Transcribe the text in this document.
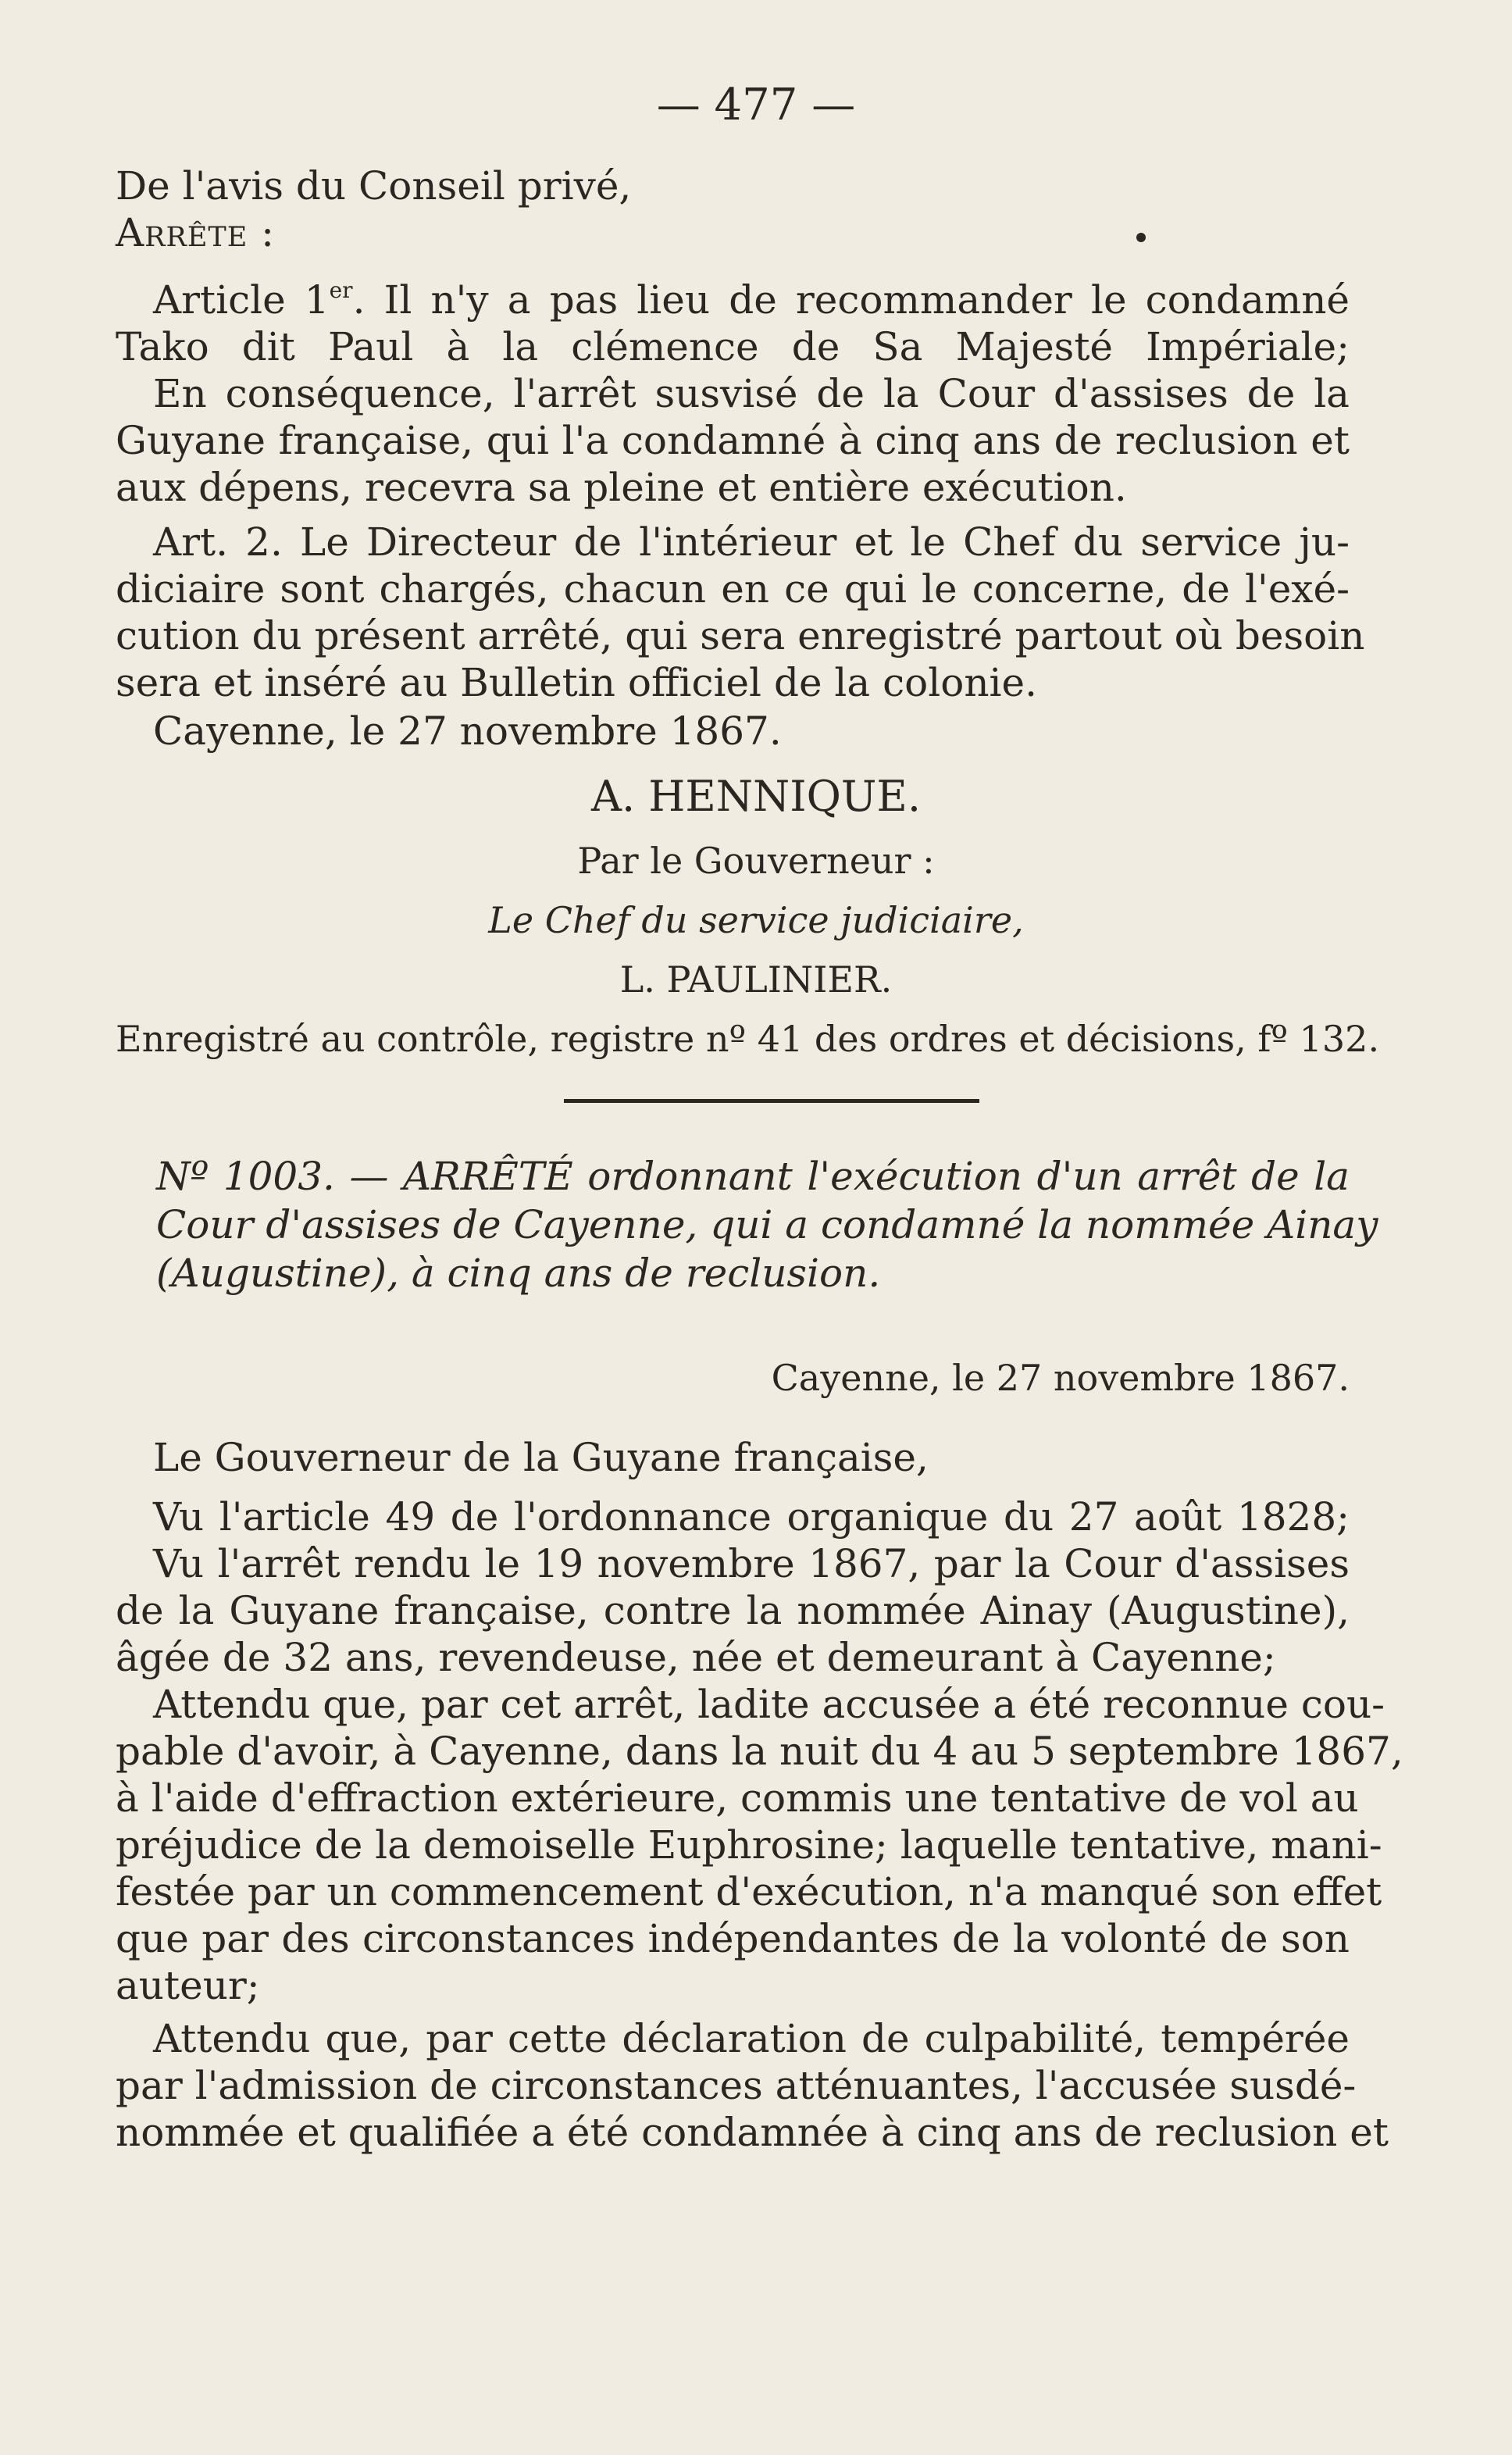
— 477 —
De l'avis du Conseil privé,
Arrête :
Article 1er. Il n'y a pas lieu de recommander le condamné
Tako dit Paul à la clémence de Sa Majesté Impériale;
En conséquence, l'arrêt susvisé de la Cour d'assises de la
Guyane française, qui l'a condamné à cinq ans de reclusion et
aux dépens, recevra sa pleine et entière exécution.
Art. 2. Le Directeur de l'intérieur et le Chef du service ju-
diciaire sont chargés, chacun en ce qui le concerne, de l'exé-
cution du présent arrêté, qui sera enregistré partout où besoin
sera et inséré au Bulletin officiel de la colonie.
Cayenne, le 27 novembre 1867.
A. HENNIQUE.
Par le Gouverneur :
Le Chef du service judiciaire,
L. PAULINIER.
Enregistré au contrôle, registre nº 41 des ordres et décisions, fº 132.
Nº 1003. — ARRÊTÉ ordonnant l'exécution d'un arrêt de la
Cour d'assises de Cayenne, qui a condamné la nommée Ainay
(Augustine), à cinq ans de reclusion.
Cayenne, le 27 novembre 1867.
Le Gouverneur de la Guyane française,
Vu l'article 49 de l'ordonnance organique du 27 août 1828;
Vu l'arrêt rendu le 19 novembre 1867, par la Cour d'assises
de la Guyane française, contre la nommée Ainay (Augustine),
âgée de 32 ans, revendeuse, née et demeurant à Cayenne;
Attendu que, par cet arrêt, ladite accusée a été reconnue cou-
pable d'avoir, à Cayenne, dans la nuit du 4 au 5 septembre 1867,
à l'aide d'effraction extérieure, commis une tentative de vol au
préjudice de la demoiselle Euphrosine; laquelle tentative, mani-
festée par un commencement d'exécution, n'a manqué son effet
que par des circonstances indépendantes de la volonté de son
auteur;
Attendu que, par cette déclaration de culpabilité, tempérée
par l'admission de circonstances atténuantes, l'accusée susdé-
nommée et qualifiée a été condamnée à cinq ans de reclusion et
